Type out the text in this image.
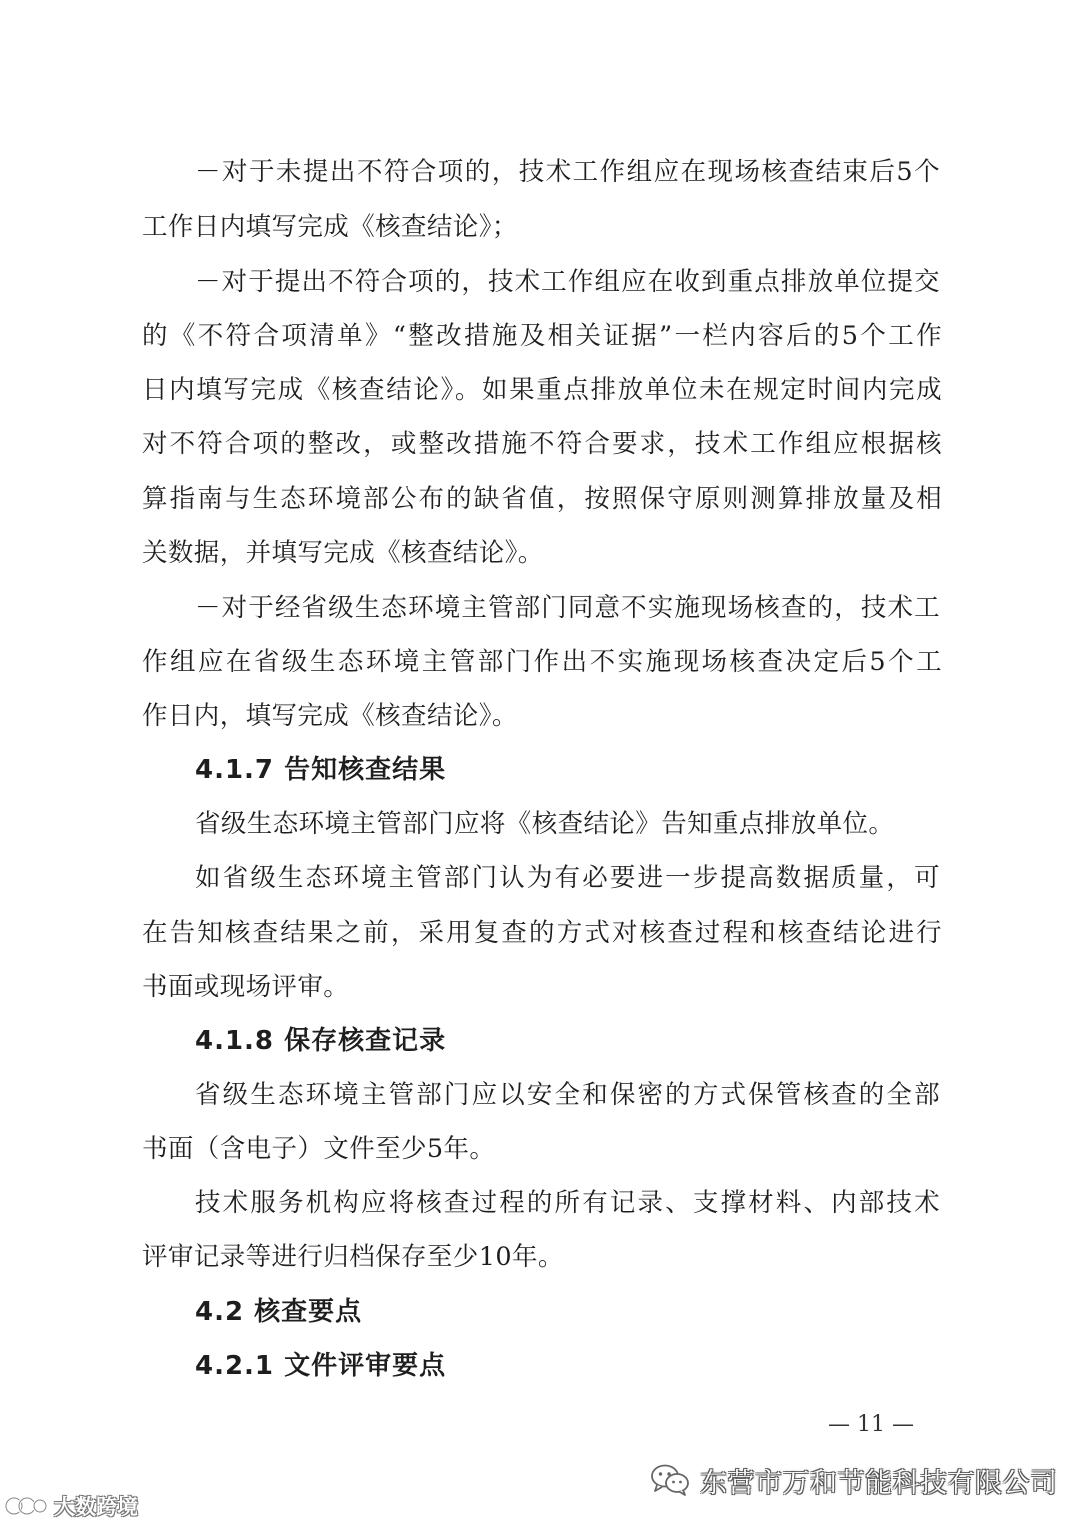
－对于未提出不符合项的，技术工作组应在现场核查结束后5个
工作日内填写完成《核查结论》；
－对于提出不符合项的，技术工作组应在收到重点排放单位提交
的《不符合项清单》“整改措施及相关证据”一栏内容后的5个工作
日内填写完成《核查结论》。如果重点排放单位未在规定时间内完成
对不符合项的整改，或整改措施不符合要求，技术工作组应根据核
算指南与生态环境部公布的缺省值，按照保守原则测算排放量及相
关数据，并填写完成《核查结论》。
－对于经省级生态环境主管部门同意不实施现场核查的，技术工
作组应在省级生态环境主管部门作出不实施现场核查决定后5个工
作日内，填写完成《核查结论》。
4.1.7 告知核查结果
省级生态环境主管部门应将《核查结论》告知重点排放单位。
如省级生态环境主管部门认为有必要进一步提高数据质量，可
在告知核查结果之前，采用复查的方式对核查过程和核查结论进行
书面或现场评审。
4.1.8 保存核查记录
省级生态环境主管部门应以安全和保密的方式保管核查的全部
书面（含电子）文件至少5年。
技术服务机构应将核查过程的所有记录、支撑材料、内部技术
评审记录等进行归档保存至少10年。
4.2 核查要点
4.2.1 文件评审要点
— 11 —
东营市万和节能科技有限公司
大数跨境
